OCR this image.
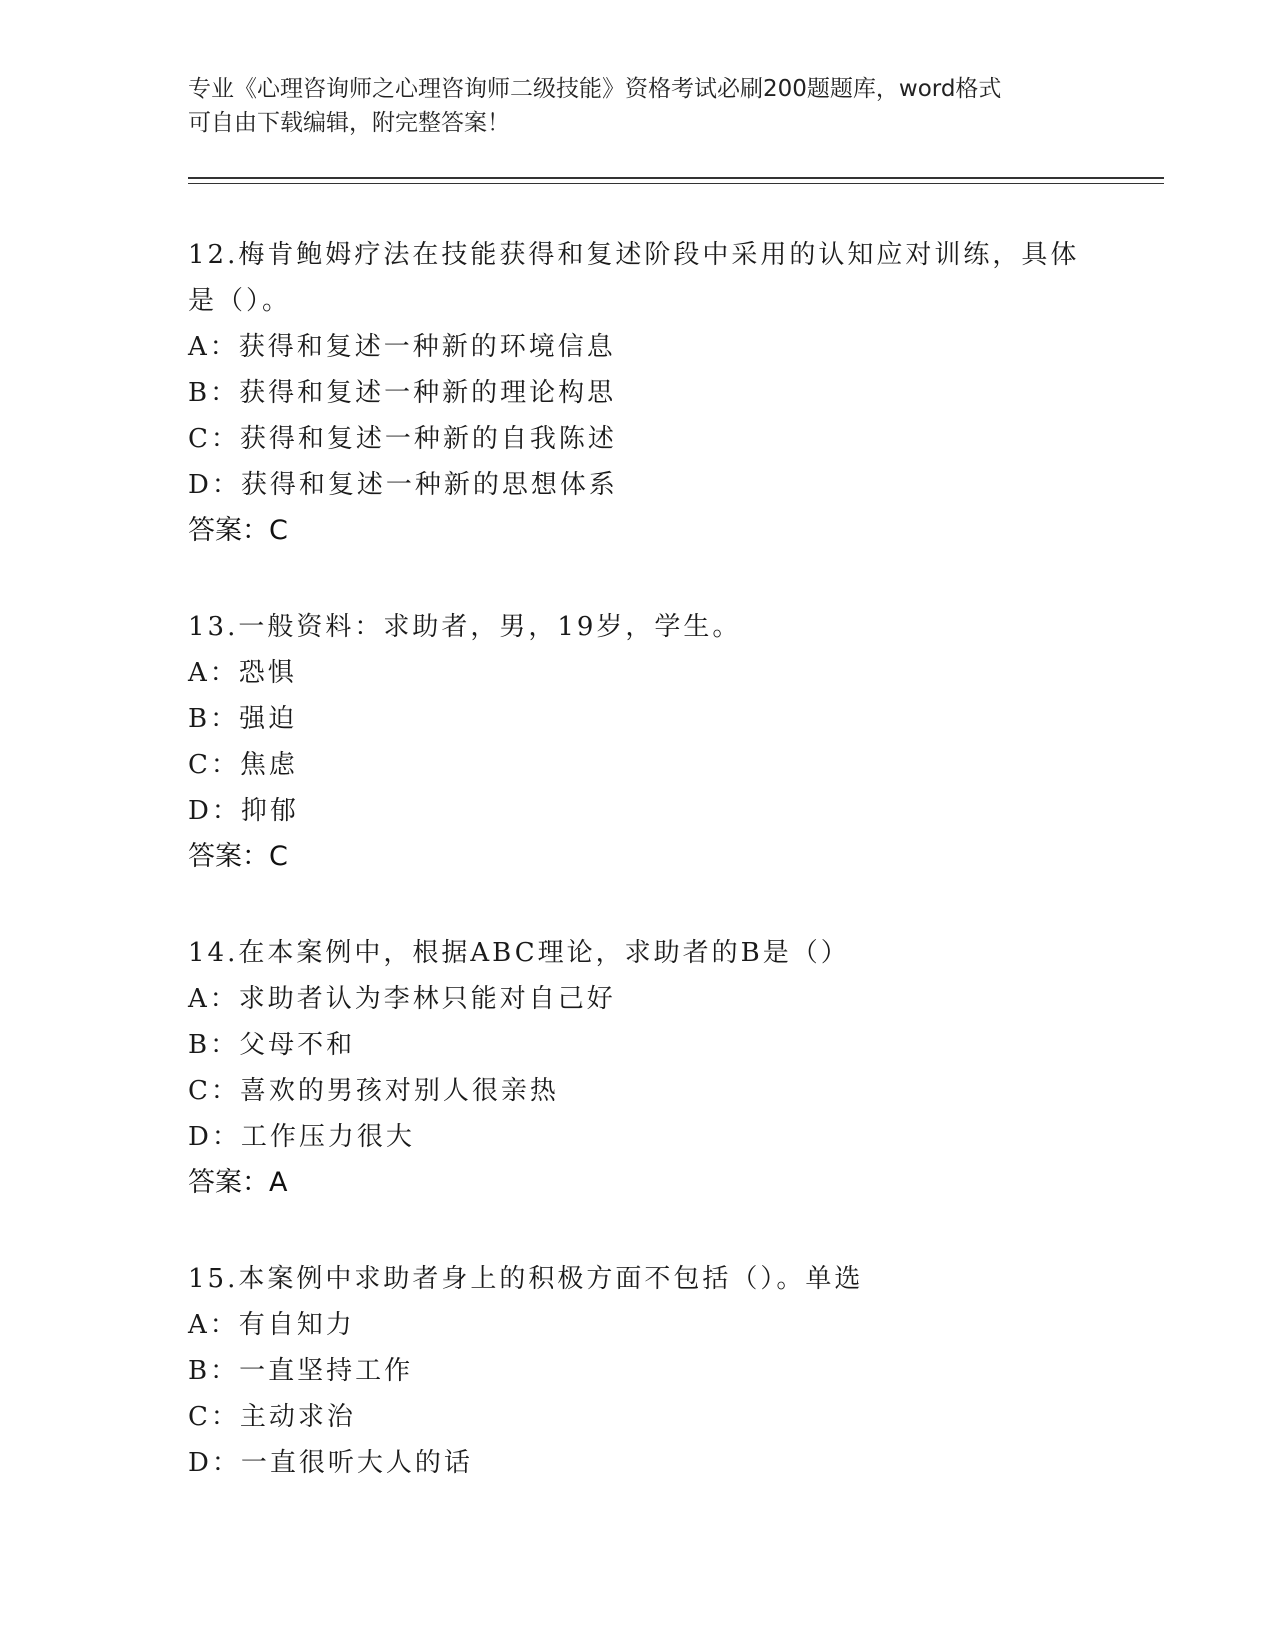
专业《心理咨询师之心理咨询师二级技能》资格考试必刷200题题库，word格式
可自由下载编辑，附完整答案！
12.梅肯鲍姆疗法在技能获得和复述阶段中采用的认知应对训练，具体
是（）。
A：获得和复述一种新的环境信息
B：获得和复述一种新的理论构思
C：获得和复述一种新的自我陈述
D：获得和复述一种新的思想体系
答案：C
13.一般资料：求助者，男，19岁，学生。
A：恐惧
B：强迫
C：焦虑
D：抑郁
答案：C
14.在本案例中，根据ABC理论，求助者的B是（）
A：求助者认为李林只能对自己好
B：父母不和
C：喜欢的男孩对别人很亲热
D：工作压力很大
答案：A
15.本案例中求助者身上的积极方面不包括（）。单选
A：有自知力
B：一直坚持工作
C：主动求治
D：一直很听大人的话
